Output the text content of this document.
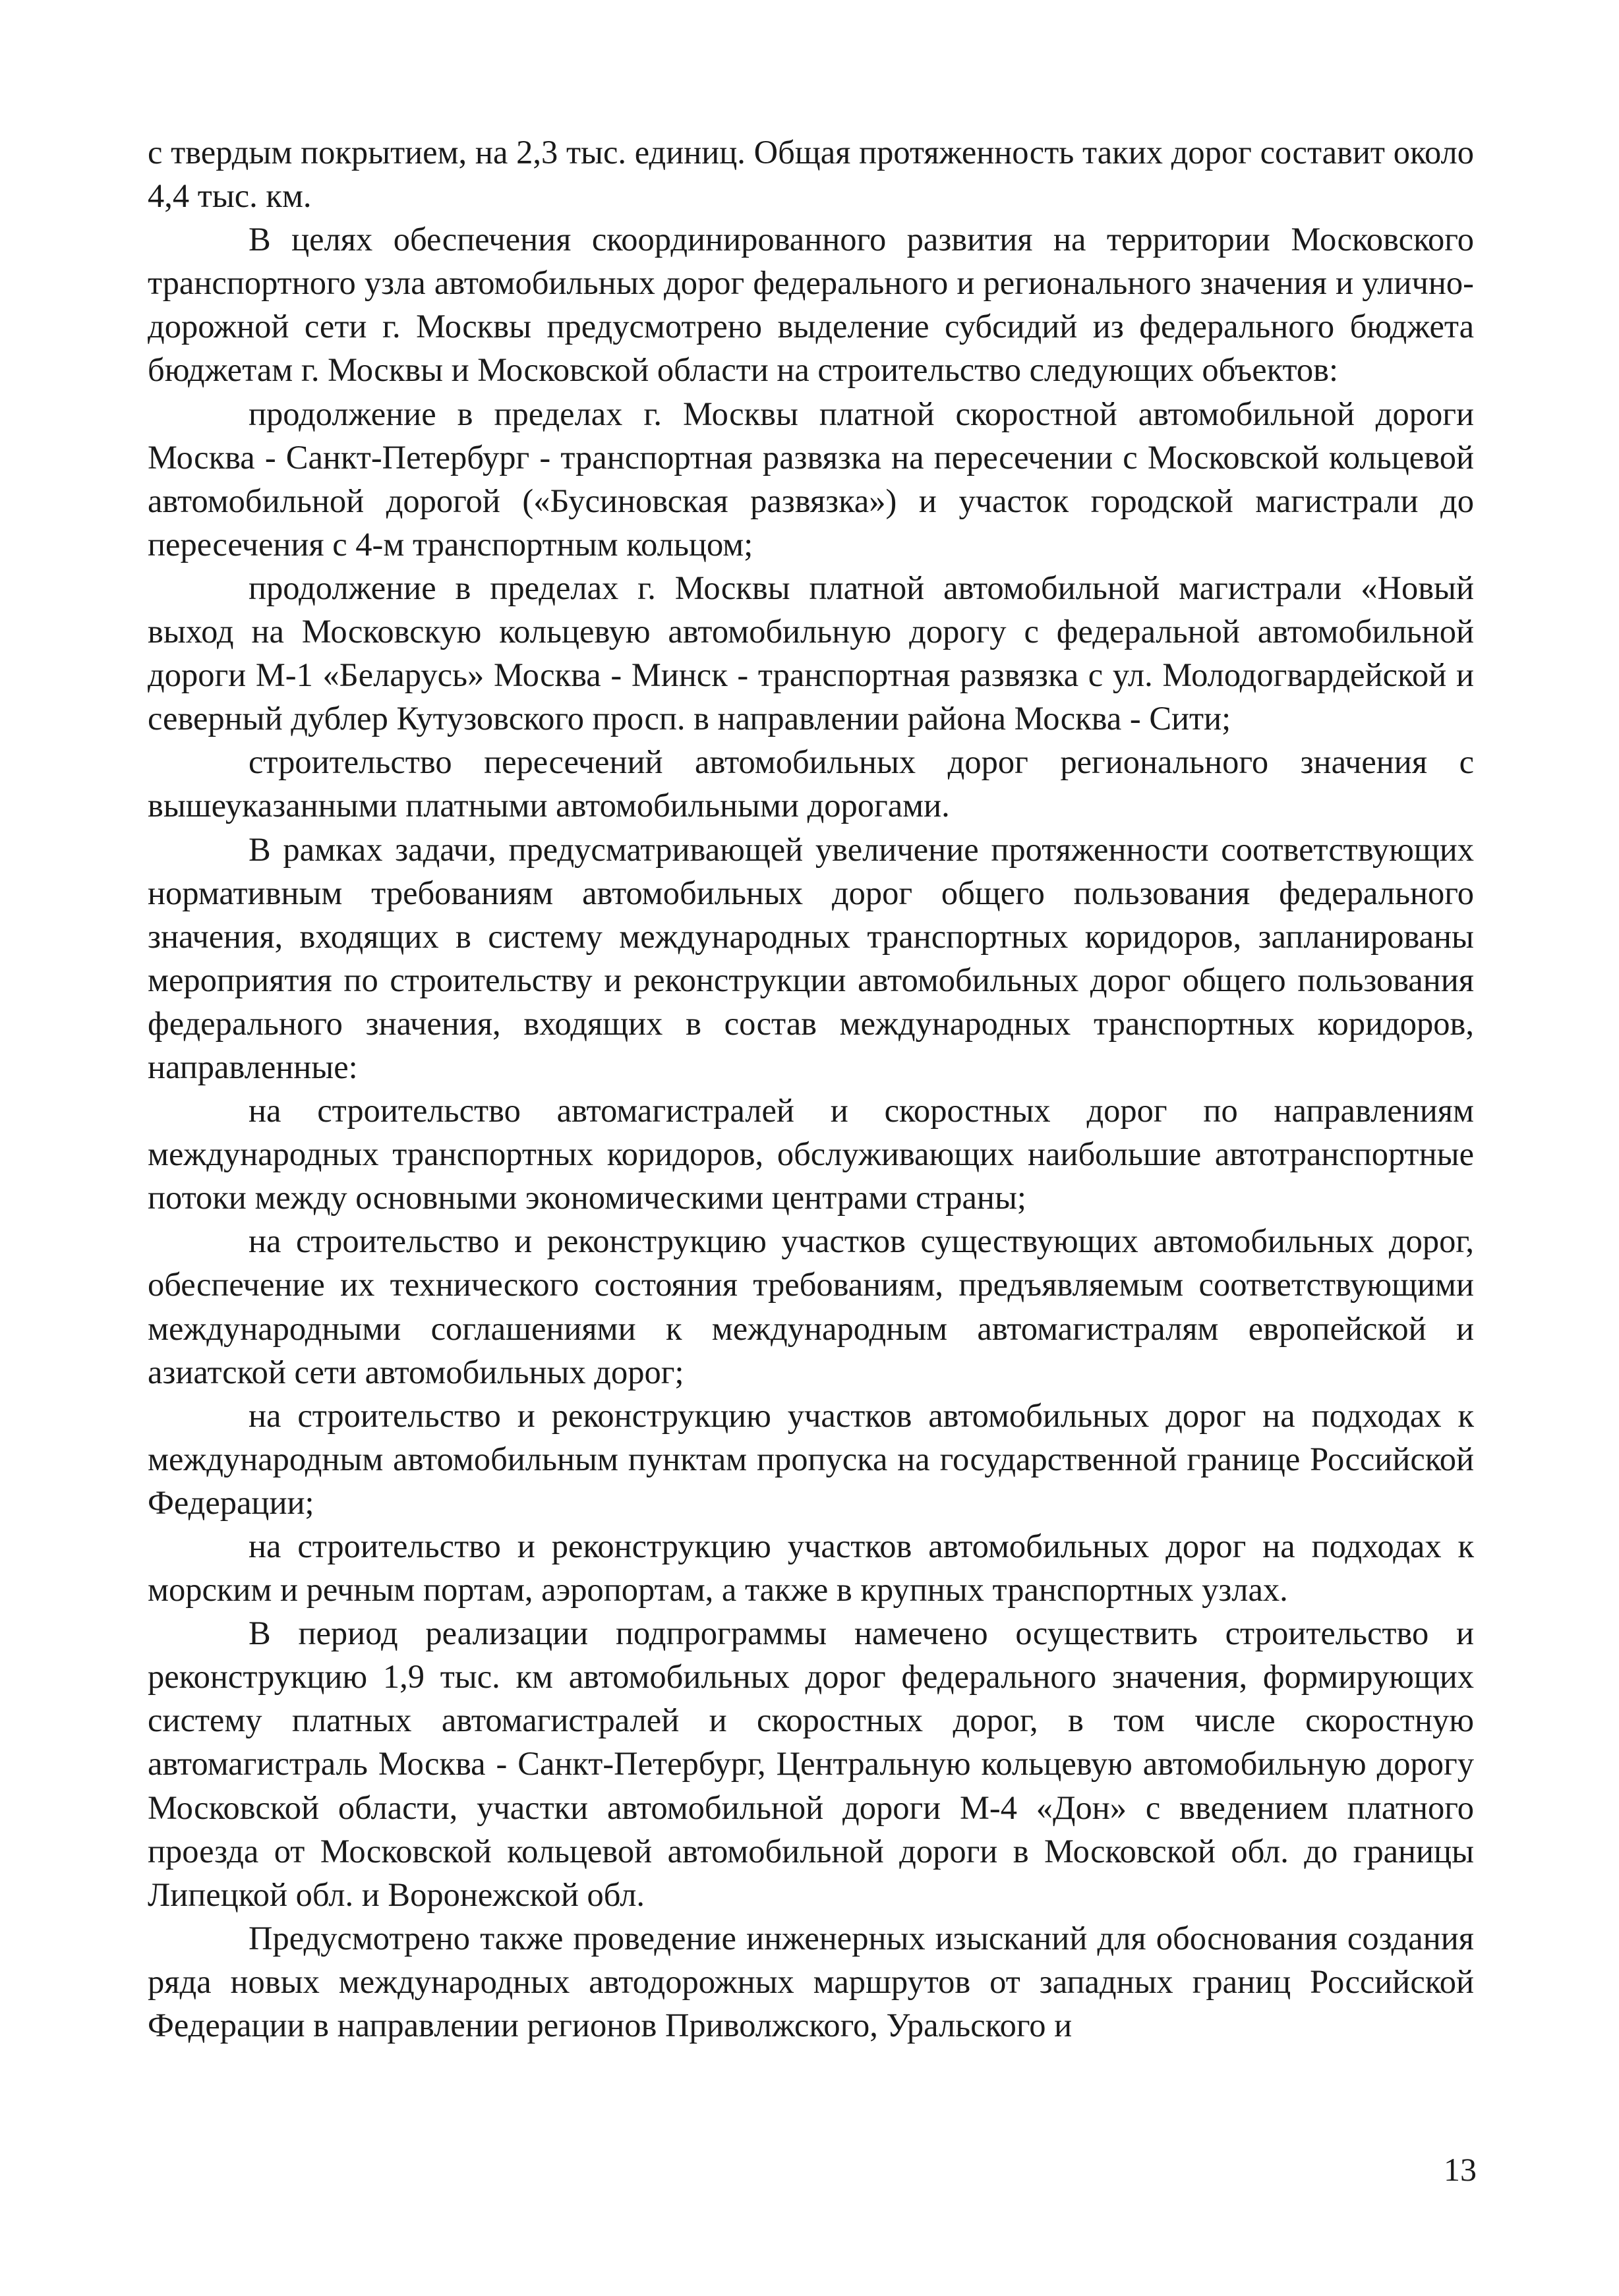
с твердым покрытием, на 2,3 тыс. единиц. Общая протяженность таких дорог составит около 4,4 тыс. км.

В целях обеспечения скоординированного развития на территории Московского транспортного узла автомобильных дорог федерального и регионального значения и улично-дорожной сети г. Москвы предусмотрено выделение субсидий из федерального бюджета бюджетам г. Москвы и Московской области на строительство следующих объектов:

продолжение в пределах г. Москвы платной скоростной автомобильной дороги Москва - Санкт-Петербург - транспортная развязка на пересечении с Московской кольцевой автомобильной дорогой («Бусиновская развязка») и участок городской магистрали до пересечения с 4-м транспортным кольцом;

продолжение в пределах г. Москвы платной автомобильной магистрали «Новый выход на Московскую кольцевую автомобильную дорогу с федеральной автомобильной дороги М-1 «Беларусь» Москва - Минск - транспортная развязка с ул. Молодогвардейской и северный дублер Кутузовского просп. в направлении района Москва - Сити;

строительство пересечений автомобильных дорог регионального значения с вышеуказанными платными автомобильными дорогами.

В рамках задачи, предусматривающей увеличение протяженности соответствующих нормативным требованиям автомобильных дорог общего пользования федерального значения, входящих в систему международных транспортных коридоров, запланированы мероприятия по строительству и реконструкции автомобильных дорог общего пользования федерального значения, входящих в состав международных транспортных коридоров, направленные:

на строительство автомагистралей и скоростных дорог по направлениям международных транспортных коридоров, обслуживающих наибольшие автотранспортные потоки между основными экономическими центрами страны;

на строительство и реконструкцию участков существующих автомобильных дорог, обеспечение их технического состояния требованиям, предъявляемым соответствующими международными соглашениями к международным автомагистралям европейской и азиатской сети автомобильных дорог;

на строительство и реконструкцию участков автомобильных дорог на подходах к международным автомобильным пунктам пропуска на государственной границе Российской Федерации;

на строительство и реконструкцию участков автомобильных дорог на подходах к морским и речным портам, аэропортам, а также в крупных транспортных узлах.

В период реализации подпрограммы намечено осуществить строительство и реконструкцию 1,9 тыс. км автомобильных дорог федерального значения, формирующих систему платных автомагистралей и скоростных дорог, в том числе скоростную автомагистраль Москва - Санкт-Петербург, Центральную кольцевую автомобильную дорогу Московской области, участки автомобильной дороги М-4 «Дон» с введением платного проезда от Московской кольцевой автомобильной дороги в Московской обл. до границы Липецкой обл. и Воронежской обл.

Предусмотрено также проведение инженерных изысканий для обоснования создания ряда новых международных автодорожных маршрутов от западных границ Российской Федерации в направлении регионов Приволжского, Уральского и

13
